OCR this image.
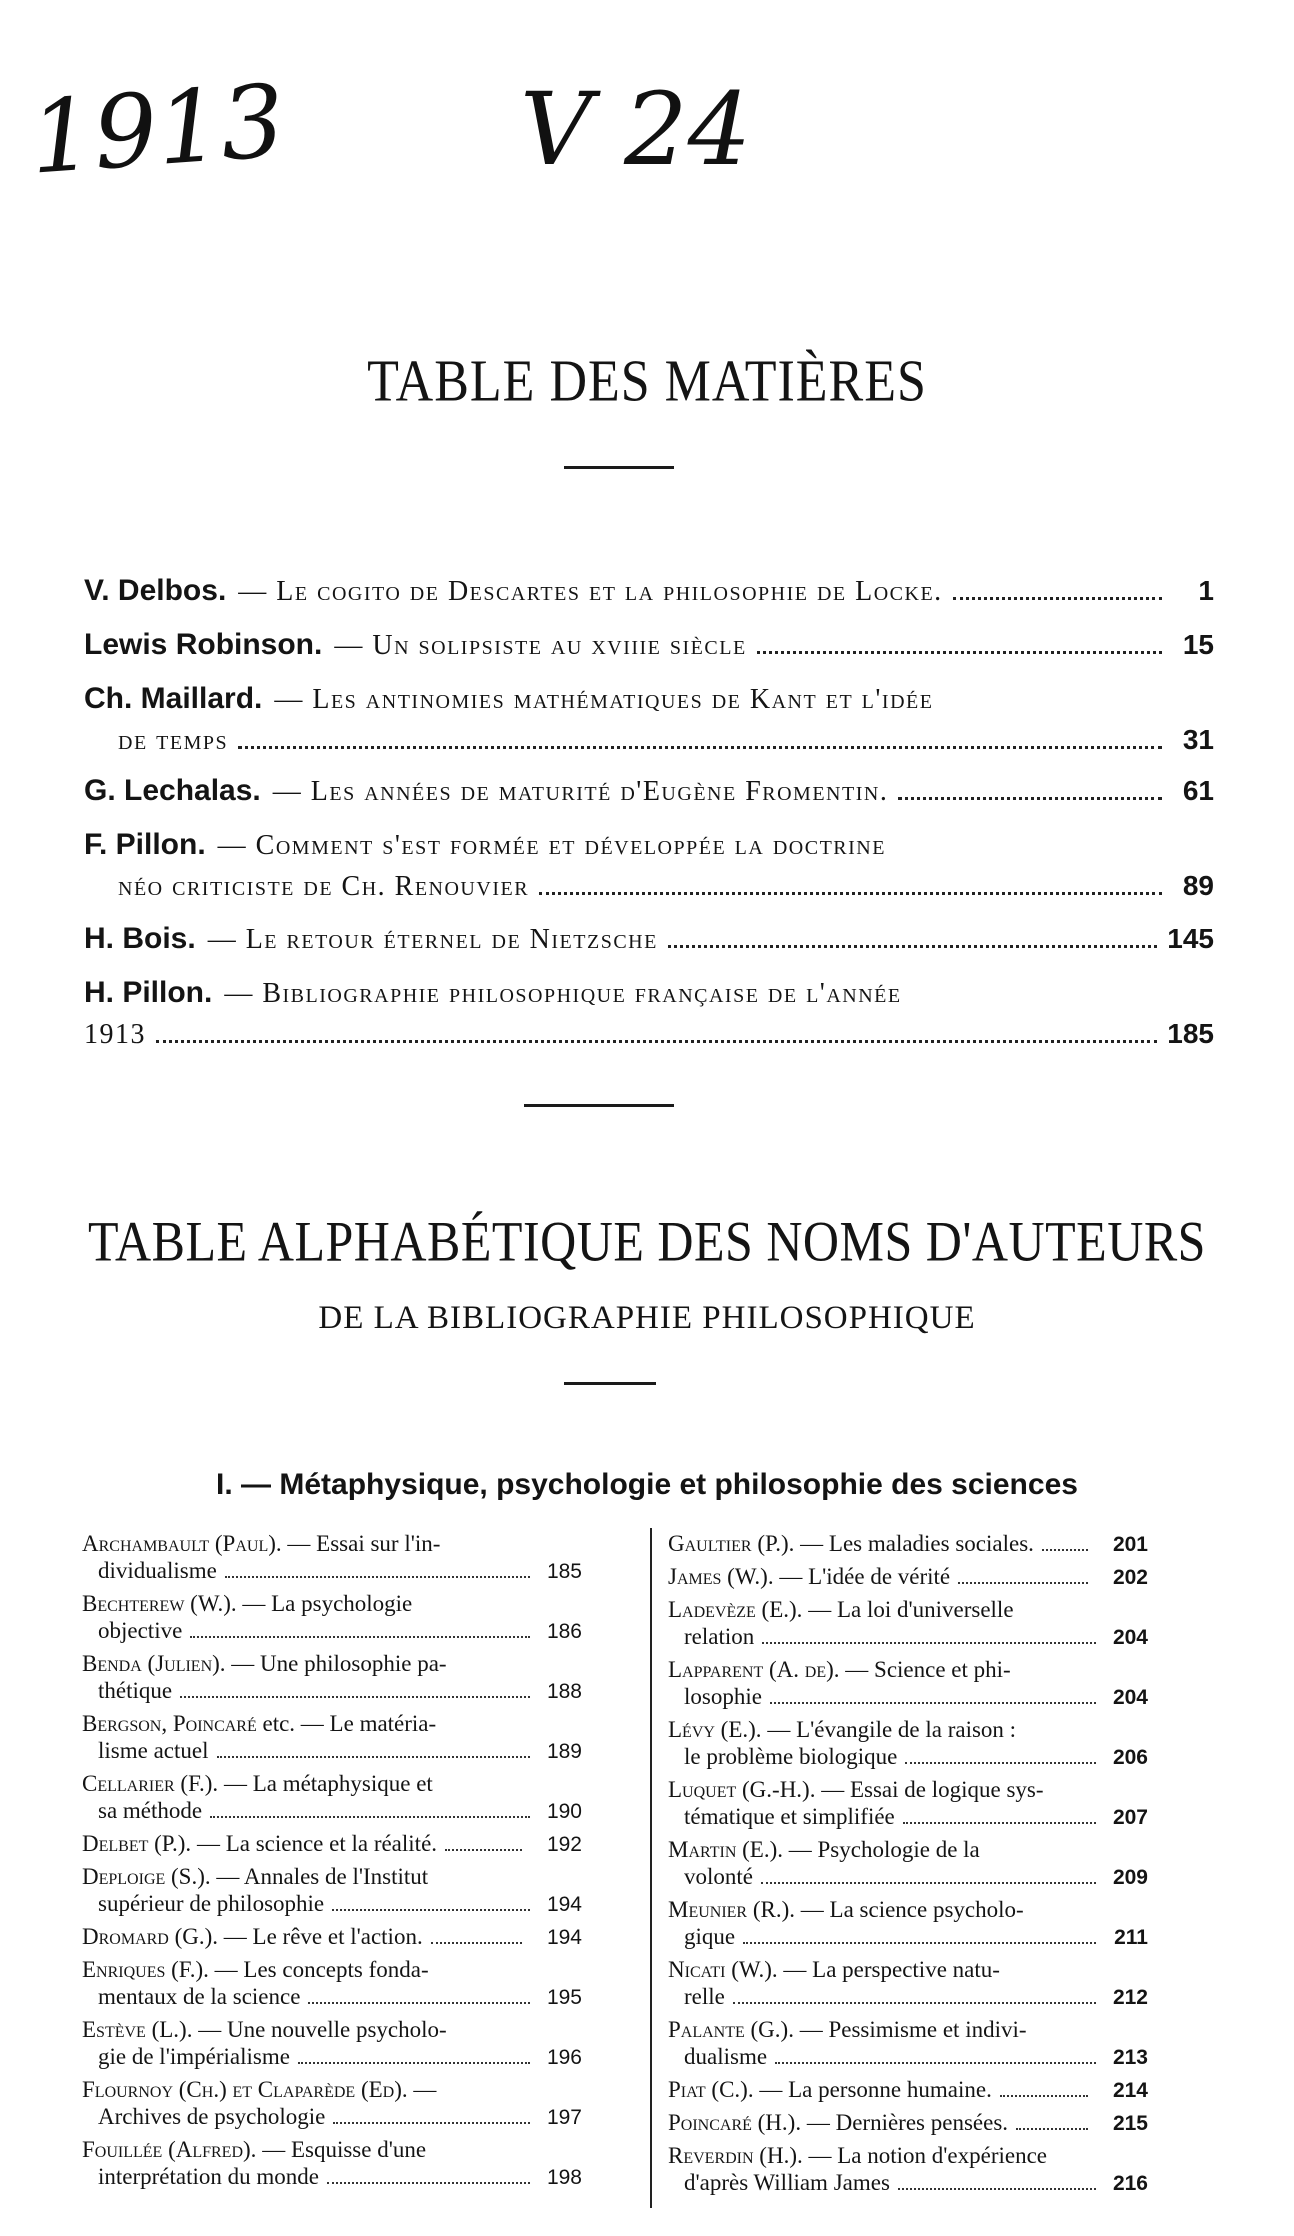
1913 V 24
TABLE DES MATIÈRES
V. Delbos. — Le cogito de Descartes et la philosophie de Locke.	1
Lewis Robinson. — Un solipsiste au xviiie siècle	15
Ch. Maillard. — Les antinomies mathématiques de Kant et l'idée
de temps	31
G. Lechalas. — Les années de maturité d'Eugène Fromentin.	61
F. Pillon. — Comment s'est formée et développée la doctrine
néo criticiste de Ch. Renouvier	89
H. Bois. — Le retour éternel de Nietzsche	145
H. Pillon. — Bibliographie philosophique française de l'année
1913	185
TABLE ALPHABÉTIQUE DES NOMS D'AUTEURS
DE LA BIBLIOGRAPHIE PHILOSOPHIQUE
I. — Métaphysique, psychologie et philosophie des sciences
Archambault (Paul). — Essai sur l'in-
dividualisme	185
Bechterew (W.). — La psychologie
objective	186
Benda (Julien). — Une philosophie pa-
thétique	188
Bergson, Poincaré etc. — Le matéria-
lisme actuel	189
Cellarier (F.). — La métaphysique et
sa méthode	190
Delbet (P.). — La science et la réalité.	192
Deploige (S.). — Annales de l'Institut
supérieur de philosophie	194
Dromard (G.). — Le rêve et l'action.	194
Enriques (F.). — Les concepts fonda-
mentaux de la science	195
Estève (L.). — Une nouvelle psycholo-
gie de l'impérialisme	196
Flournoy (Ch.) et Claparède (Ed). —
Archives de psychologie	197
Fouillée (Alfred). — Esquisse d'une
interprétation du monde	198
Gaultier (P.). — Les maladies sociales.	201
James (W.). — L'idée de vérité	202
Ladevèze (E.). — La loi d'universelle
relation	204
Lapparent (A. de). — Science et phi-
losophie	204
Lévy (E.). — L'évangile de la raison :
le problème biologique	206
Luquet (G.-H.). — Essai de logique sys-
tématique et simplifiée	207
Martin (E.). — Psychologie de la
volonté	209
Meunier (R.). — La science psycholo-
gique	211
Nicati (W.). — La perspective natu-
relle	212
Palante (G.). — Pessimisme et indivi-
dualisme	213
Piat (C.). — La personne humaine.	214
Poincaré (H.). — Dernières pensées.	215
Reverdin (H.). — La notion d'expérience
d'après William James	216
